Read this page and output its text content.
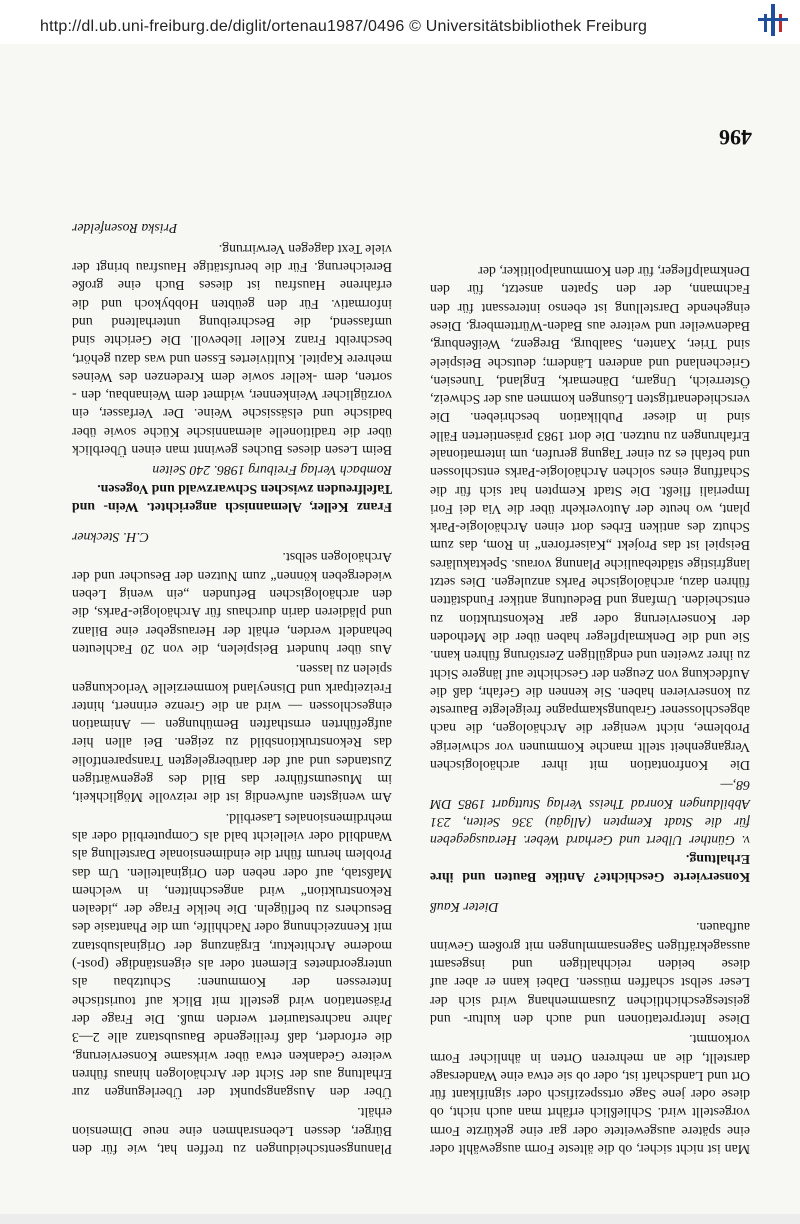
http://dl.ub.uni-freiburg.de/diglit/ortenau1987/0496 © Universitätsbibliothek Freiburg

Man ist nicht sicher, ob die älteste Form ausgewählt oder eine spätere ausgeweitete oder gar eine gekürzte Form vorgestellt wird. Schließlich erfährt man auch nicht, ob diese oder jene Sage ortsspezifisch oder signifikant für Ort und Landschaft ist, oder ob sie etwa eine Wandersage darstellt, die an mehreren Orten in ähnlicher Form vorkommt.

Diese Interpretationen und auch den kultur- und geistesgeschichtlichen Zusammenhang wird sich der Leser selbst schaffen müssen. Dabei kann er aber auf diese beiden reichhaltigen und insgesamt aussagekräftigen Sagensammlungen mit großem Gewinn aufbauen.

Dieter Kauß

Konservierte Geschichte? Antike Bauten und ihre Erhaltung.

v. Günther Ulbert und Gerhard Weber. Herausgegeben für die Stadt Kempten (Allgäu) 336 Seiten, 231 Abbildungen Konrad Theiss Verlag Stuttgart 1985 DM 68,—

Die Konfrontation mit ihrer archäologischen Vergangenheit stellt manche Kommunen vor schwierige Probleme, nicht weniger die Archäologen, die nach abgeschlossener Grabungskampagne freigelegte Baureste zu konservieren haben. Sie kennen die Gefahr, daß die Aufdeckung von Zeugen der Geschichte auf längere Sicht zu ihrer zweiten und endgültigen Zerstörung führen kann. Sie und die Denkmalpfleger haben über die Methoden der Konservierung oder gar Rekonstruktion zu entscheiden. Umfang und Bedeutung antiker Fundstätten führen dazu, archäologische Parks anzulegen. Dies setzt langfristige städtebauliche Planung voraus. Spektakuläres Beispiel ist das Projekt „Kaiserforen“ in Rom, das zum Schutz des antiken Erbes dort einen Archäologie-Park plant, wo heute der Autoverkehr über die Via dei Fori Imperiali fließt. Die Stadt Kempten hat sich für die Schaffung eines solchen Archäologie-Parks entschlossen und befahl es zu einer Tagung gerufen, um internationale Erfahrungen zu nutzen. Die dort 1983 präsentierten Fälle sind in dieser Publikation beschrieben. Die verschiedenartigsten Lösungen kommen aus der Schweiz, Österreich, Ungarn, Dänemark, England, Tunesien, Griechenland und anderen Ländern; deutsche Beispiele sind Trier, Xanten, Saalburg, Bregenz, Weißenburg, Badenweiler und weitere aus Baden-Württemberg. Diese eingehende Darstellung ist ebenso interessant für den Fachmann, der den Spaten ansetzt, für den Denkmalpfleger, für den Kommunalpolitiker, der

Planungsentscheidungen zu treffen hat, wie für den Bürger, dessen Lebensrahmen eine neue Dimension erhält.

Über den Ausgangspunkt der Überlegungen zur Erhaltung aus der Sicht der Archäologen hinaus führen weitere Gedanken etwa über wirksame Konservierung, die erfordert, daß freiliegende Bausubstanz alle 2—3 Jahre nachrestauriert werden muß. Die Frage der Präsentation wird gestellt mit Blick auf touristische Interessen der Kommunen: Schutzbau als untergeordnetes Element oder als eigenständige (post-) moderne Architektur, Ergänzung der Originalsubstanz mit Kennzeichnung oder Nachhilfe, um die Phantasie des Besuchers zu beflügeln. Die heikle Frage der „idealen Rekonstruktion“ wird angeschnitten, in welchem Maßstab, auf oder neben den Originalteilen. Um das Problem herum führt die eindimensionale Darstellung als Wandbild oder vielleicht bald als Computerbild oder als mehrdimensionales Laserbild.

Am wenigsten aufwendig ist die reizvolle Möglichkeit, im Museumsführer das Bild des gegenwärtigen Zustandes und auf der darübergelegten Transparentfolie das Rekonstruktionsbild zu zeigen. Bei allen hier aufgeführten ernsthaften Bemühungen — Animation eingeschlossen — wird an die Grenze erinnert, hinter Freizeitpark und Disneyland kommerzielle Verlockungen spielen zu lassen.

Aus über hundert Beispielen, die von 20 Fachleuten behandelt werden, erhält der Herausgeber eine Bilanz und plädieren darin durchaus für Archäologie-Parks, die den archäologischen Befunden „ein wenig Leben wiedergeben können“ zum Nutzen der Besucher und der Archäologen selbst.

C.H. Steckner

Franz Keller, Alemannisch angerichtet. Wein- und Tafelfreuden zwischen Schwarzwald und Vogesen.

Rombach Verlag Freiburg 1986. 240 Seiten

Beim Lesen dieses Buches gewinnt man einen Überblick über die traditionelle alemannische Küche sowie über badische und elsässische Weine. Der Verfasser, ein vorzüglicher Weinkenner, widmet dem Weinanbau, den -sorten, dem -keller sowie dem Kredenzen des Weines mehrere Kapitel. Kultiviertes Essen und was dazu gehört, beschreibt Franz Keller liebevoll. Die Gerichte sind umfassend, die Beschreibung unterhaltend und informativ. Für den geübten Hobbykoch und die erfahrene Hausfrau ist dieses Buch eine große Bereicherung. Für die berufstätige Hausfrau bringt der viele Text dagegen Verwirrung.

Priska Rosenfelder

496
